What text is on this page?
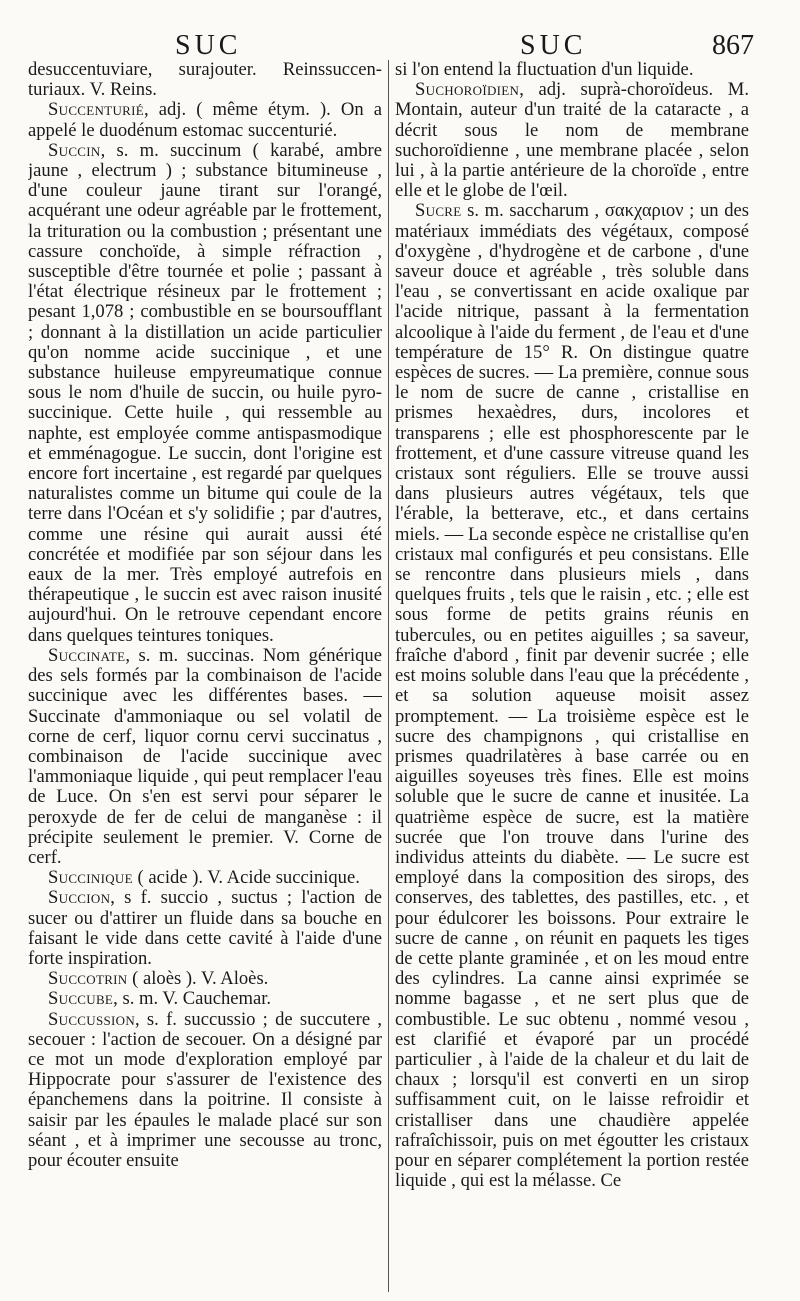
SUC	SUC	867

desuccentuviare, surajouter. Reinssuccen- turiaux. V. Reins.

Succenturié, adj. ( même étym. ). On a appelé le duodénum estomac succenturié.

Succin, s. m. succinum ( karabé, ambre jaune , electrum ) ; substance bitumineuse , d'une couleur jaune tirant sur l'orangé, acquérant une odeur agréable par le frottement, la trituration ou la combustion ; présentant une cassure conchoïde, à simple réfraction , susceptible d'être tournée et polie ; passant à l'état électrique résineux par le frottement ; pesant 1,078 ; combustible en se boursoufflant ; donnant à la distillation un acide particulier qu'on nomme acide succinique , et une substance huileuse empyreumatique connue sous le nom d'huile de succin, ou huile pyro-succinique. Cette huile , qui ressemble au naphte, est employée comme antispasmodique et emménagogue. Le succin, dont l'origine est encore fort incertaine , est regardé par quelques naturalistes comme un bitume qui coule de la terre dans l'Océan et s'y solidifie ; par d'autres, comme une résine qui aurait aussi été concrétée et modifiée par son séjour dans les eaux de la mer. Très employé autrefois en thérapeutique , le succin est avec raison inusité aujourd'hui. On le retrouve cependant encore dans quelques teintures toniques.

Succinate, s. m. succinas. Nom générique des sels formés par la combinaison de l'acide succinique avec les différentes bases. — Succinate d'ammoniaque ou sel volatil de corne de cerf, liquor cornu cervi succinatus , combinaison de l'acide succinique avec l'ammoniaque liquide , qui peut remplacer l'eau de Luce. On s'en est servi pour séparer le peroxyde de fer de celui de manganèse : il précipite seulement le premier. V. Corne de cerf.

Succinique ( acide ). V. Acide succinique.

Succion, s f. succio , suctus ; l'action de sucer ou d'attirer un fluide dans sa bouche en faisant le vide dans cette cavité à l'aide d'une forte inspiration.

Succotrin ( aloès ). V. Aloès.

Succube, s. m. V. Cauchemar.

Succussion, s. f. succussio ; de succutere , secouer : l'action de secouer. On a désigné par ce mot un mode d'exploration employé par Hippocrate pour s'assurer de l'existence des épanchemens dans la poitrine. Il consiste à saisir par les épaules le malade placé sur son séant , et à imprimer une secousse au tronc, pour écouter ensuite

si l'on entend la fluctuation d'un liquide.

Suchoroïdien, adj. suprà-choroïdeus. M. Montain, auteur d'un traité de la cataracte , a décrit sous le nom de membrane suchoroïdienne , une membrane placée , selon lui , à la partie antérieure de la choroïde , entre elle et le globe de l'œil.

Sucre s. m. saccharum , σακχαριον ; un des matériaux immédiats des végétaux, composé d'oxygène , d'hydrogène et de carbone , d'une saveur douce et agréable , très soluble dans l'eau , se convertissant en acide oxalique par l'acide nitrique, passant à la fermentation alcoolique à l'aide du ferment , de l'eau et d'une température de 15° R. On distingue quatre espèces de sucres. — La première, connue sous le nom de sucre de canne , cristallise en prismes hexaèdres, durs, incolores et transparens ; elle est phosphorescente par le frottement, et d'une cassure vitreuse quand les cristaux sont réguliers. Elle se trouve aussi dans plusieurs autres végétaux, tels que l'érable, la betterave, etc., et dans certains miels. — La seconde espèce ne cristallise qu'en cristaux mal configurés et peu consistans. Elle se rencontre dans plusieurs miels , dans quelques fruits , tels que le raisin , etc. ; elle est sous forme de petits grains réunis en tubercules, ou en petites aiguilles ; sa saveur, fraîche d'abord , finit par devenir sucrée ; elle est moins soluble dans l'eau que la précédente , et sa solution aqueuse moisit assez promptement. — La troisième espèce est le sucre des champignons , qui cristallise en prismes quadrilatères à base carrée ou en aiguilles soyeuses très fines. Elle est moins soluble que le sucre de canne et inusitée. La quatrième espèce de sucre, est la matière sucrée que l'on trouve dans l'urine des individus atteints du diabète. — Le sucre est employé dans la composition des sirops, des conserves, des tablettes, des pastilles, etc. , et pour édulcorer les boissons. Pour extraire le sucre de canne , on réunit en paquets les tiges de cette plante graminée , et on les moud entre des cylindres. La canne ainsi exprimée se nomme bagasse , et ne sert plus que de combustible. Le suc obtenu , nommé vesou , est clarifié et évaporé par un procédé particulier , à l'aide de la chaleur et du lait de chaux ; lorsqu'il est converti en un sirop suffisamment cuit, on le laisse refroidir et cristalliser dans une chaudière appelée rafraîchissoir, puis on met égoutter les cristaux pour en séparer complétement la portion restée liquide , qui est la mélasse. Ce
